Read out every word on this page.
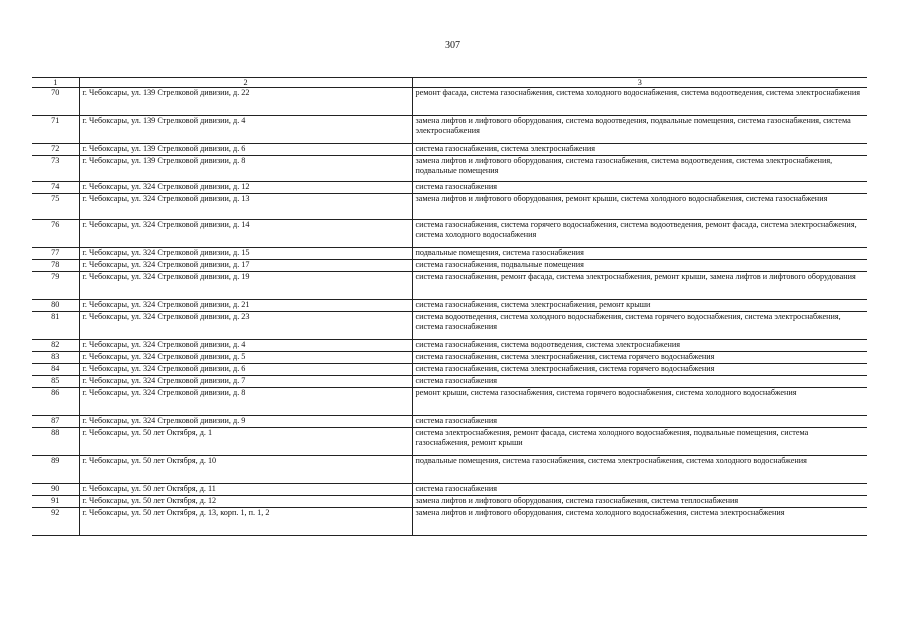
307
1	2	3
70	г. Чебоксары, ул. 139 Стрелковой дивизии, д. 22	ремонт фасада, система газоснабжения, система холодного водоснабжения, система водоотведения, система электроснабжения
71	г. Чебоксары, ул. 139 Стрелковой дивизии, д. 4	замена лифтов и лифтового оборудования, система водоотведения, подвальные помещения, система газоснабжения, система электроснабжения
72	г. Чебоксары, ул. 139 Стрелковой дивизии, д. 6	система газоснабжения, система электроснабжения
73	г. Чебоксары, ул. 139 Стрелковой дивизии, д. 8	замена лифтов и лифтового оборудования, система газоснабжения, система водоотведения, система электроснабжения, подвальные помещения
74	г. Чебоксары, ул. 324 Стрелковой дивизии, д. 12	система газоснабжения
75	г. Чебоксары, ул. 324 Стрелковой дивизии, д. 13	замена лифтов и лифтового оборудования, ремонт крыши, система холодного водоснабжения, система газоснабжения
76	г. Чебоксары, ул. 324 Стрелковой дивизии, д. 14	система газоснабжения, система горячего водоснабжения, система водоотведения, ремонт фасада, система электроснабжения, система холодного водоснабжения
77	г. Чебоксары, ул. 324 Стрелковой дивизии, д. 15	подвальные помещения, система газоснабжения
78	г. Чебоксары, ул. 324 Стрелковой дивизии, д. 17	система газоснабжения, подвальные помещения
79	г. Чебоксары, ул. 324 Стрелковой дивизии, д. 19	система газоснабжения, ремонт фасада, система электроснабжения, ремонт крыши, замена лифтов и лифтового оборудования
80	г. Чебоксары, ул. 324 Стрелковой дивизии, д. 21	система газоснабжения, система электроснабжения, ремонт крыши
81	г. Чебоксары, ул. 324 Стрелковой дивизии, д. 23	система водоотведения, система холодного водоснабжения, система горячего водоснабжения, система электроснабжения, система газоснабжения
82	г. Чебоксары, ул. 324 Стрелковой дивизии, д. 4	система газоснабжения, система водоотведения, система электроснабжения
83	г. Чебоксары, ул. 324 Стрелковой дивизии, д. 5	система газоснабжения, система электроснабжения, система горячего водоснабжения
84	г. Чебоксары, ул. 324 Стрелковой дивизии, д. 6	система газоснабжения, система электроснабжения, система горячего водоснабжения
85	г. Чебоксары, ул. 324 Стрелковой дивизии, д. 7	система газоснабжения
86	г. Чебоксары, ул. 324 Стрелковой дивизии, д. 8	ремонт крыши, система газоснабжения, система горячего водоснабжения, система холодного водоснабжения
87	г. Чебоксары, ул. 324 Стрелковой дивизии, д. 9	система газоснабжения
88	г. Чебоксары, ул. 50 лет Октября, д. 1	система электроснабжения, ремонт фасада, система холодного водоснабжения, подвальные помещения, система газоснабжения, ремонт крыши
89	г. Чебоксары, ул. 50 лет Октября, д. 10	подвальные помещения, система газоснабжения, система электроснабжения, система холодного водоснабжения
90	г. Чебоксары, ул. 50 лет Октября, д. 11	система газоснабжения
91	г. Чебоксары, ул. 50 лет Октября, д. 12	замена лифтов и лифтового оборудования, система газоснабжения, система теплоснабжения
92	г. Чебоксары, ул. 50 лет Октября, д. 13, корп. 1, п. 1, 2	замена лифтов и лифтового оборудования, система холодного водоснабжения, система электроснабжения
